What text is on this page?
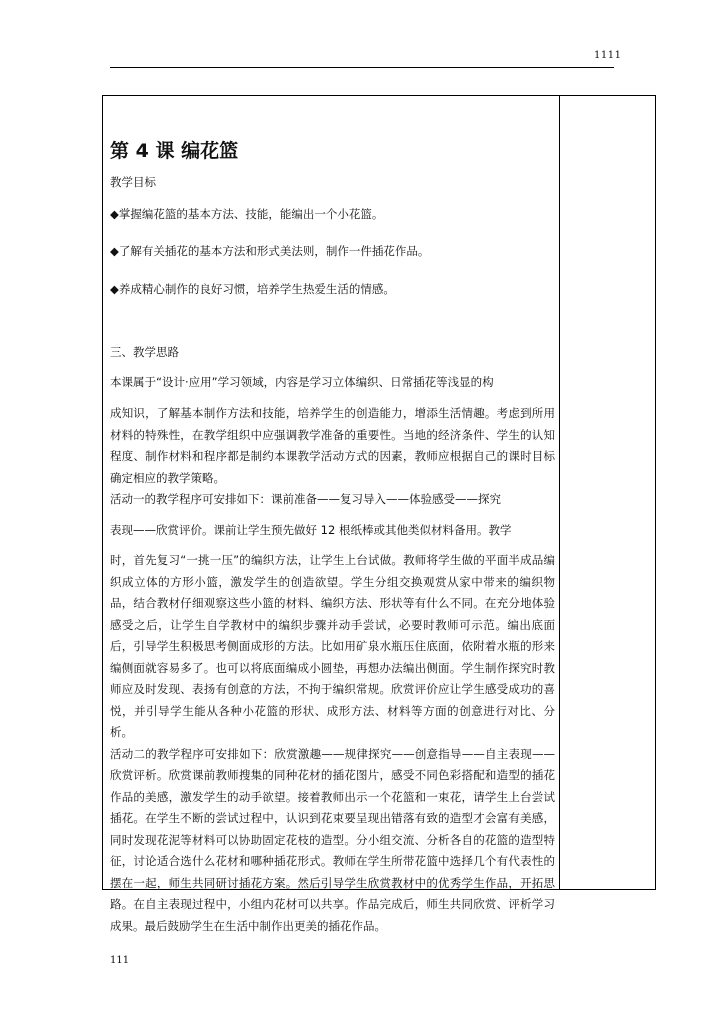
1111
第 4 课 编花篮

教学目标

◆掌握编花篮的基本方法、技能，能编出一个小花篮。

◆了解有关插花的基本方法和形式美法则，制作一件插花作品。

◆养成精心制作的良好习惯，培养学生热爱生活的情感。

三、教学思路

本课属于“设计·应用”学习领域，内容是学习立体编织、日常插花等浅显的构

成知识，了解基本制作方法和技能，培养学生的创造能力，增添生活情趣。考虑到所用材料的特殊性，在教学组织中应强调教学准备的重要性。当地的经济条件、学生的认知程度、制作材料和程序都是制约本课教学活动方式的因素，教师应根据自己的课时目标确定相应的教学策略。

活动一的教学程序可安排如下：课前准备——复习导入——体验感受——探究

表现——欣赏评价。课前让学生预先做好 12 根纸棒或其他类似材料备用。教学

时，首先复习“一挑一压”的编织方法，让学生上台试做。教师将学生做的平面半成品编织成立体的方形小篮，激发学生的创造欲望。学生分组交换观赏从家中带来的编织物品，结合教材仔细观察这些小篮的材料、编织方法、形状等有什么不同。在充分地体验感受之后，让学生自学教材中的编织步骤并动手尝试，必要时教师可示范。编出底面后，引导学生积极思考侧面成形的方法。比如用矿泉水瓶压住底面，依附着水瓶的形来编侧面就容易多了。也可以将底面编成小圆垫，再想办法编出侧面。学生制作探究时教师应及时发现、表扬有创意的方法，不拘于编织常规。欣赏评价应让学生感受成功的喜悦，并引导学生能从各种小花篮的形状、成形方法、材料等方面的创意进行对比、分析。

活动二的教学程序可安排如下：欣赏激趣——规律探究——创意指导——自主表现——欣赏评析。欣赏课前教师搜集的同种花材的插花图片，感受不同色彩搭配和造型的插花作品的美感，激发学生的动手欲望。接着教师出示一个花篮和一束花，请学生上台尝试插花。在学生不断的尝试过程中，认识到花束要呈现出错落有致的造型才会富有美感，同时发现花泥等材料可以协助固定花枝的造型。分小组交流、分析各自的花篮的造型特征，讨论适合选什么花材和哪种插花形式。教师在学生所带花篮中选择几个有代表性的摆在一起，师生共同研讨插花方案。然后引导学生欣赏教材中的优秀学生作品，开拓思路。在自主表现过程中，小组内花材可以共享。作品完成后，师生共同欣赏、评析学习成果。最后鼓励学生在生活中制作出更美的插花作品。

111
